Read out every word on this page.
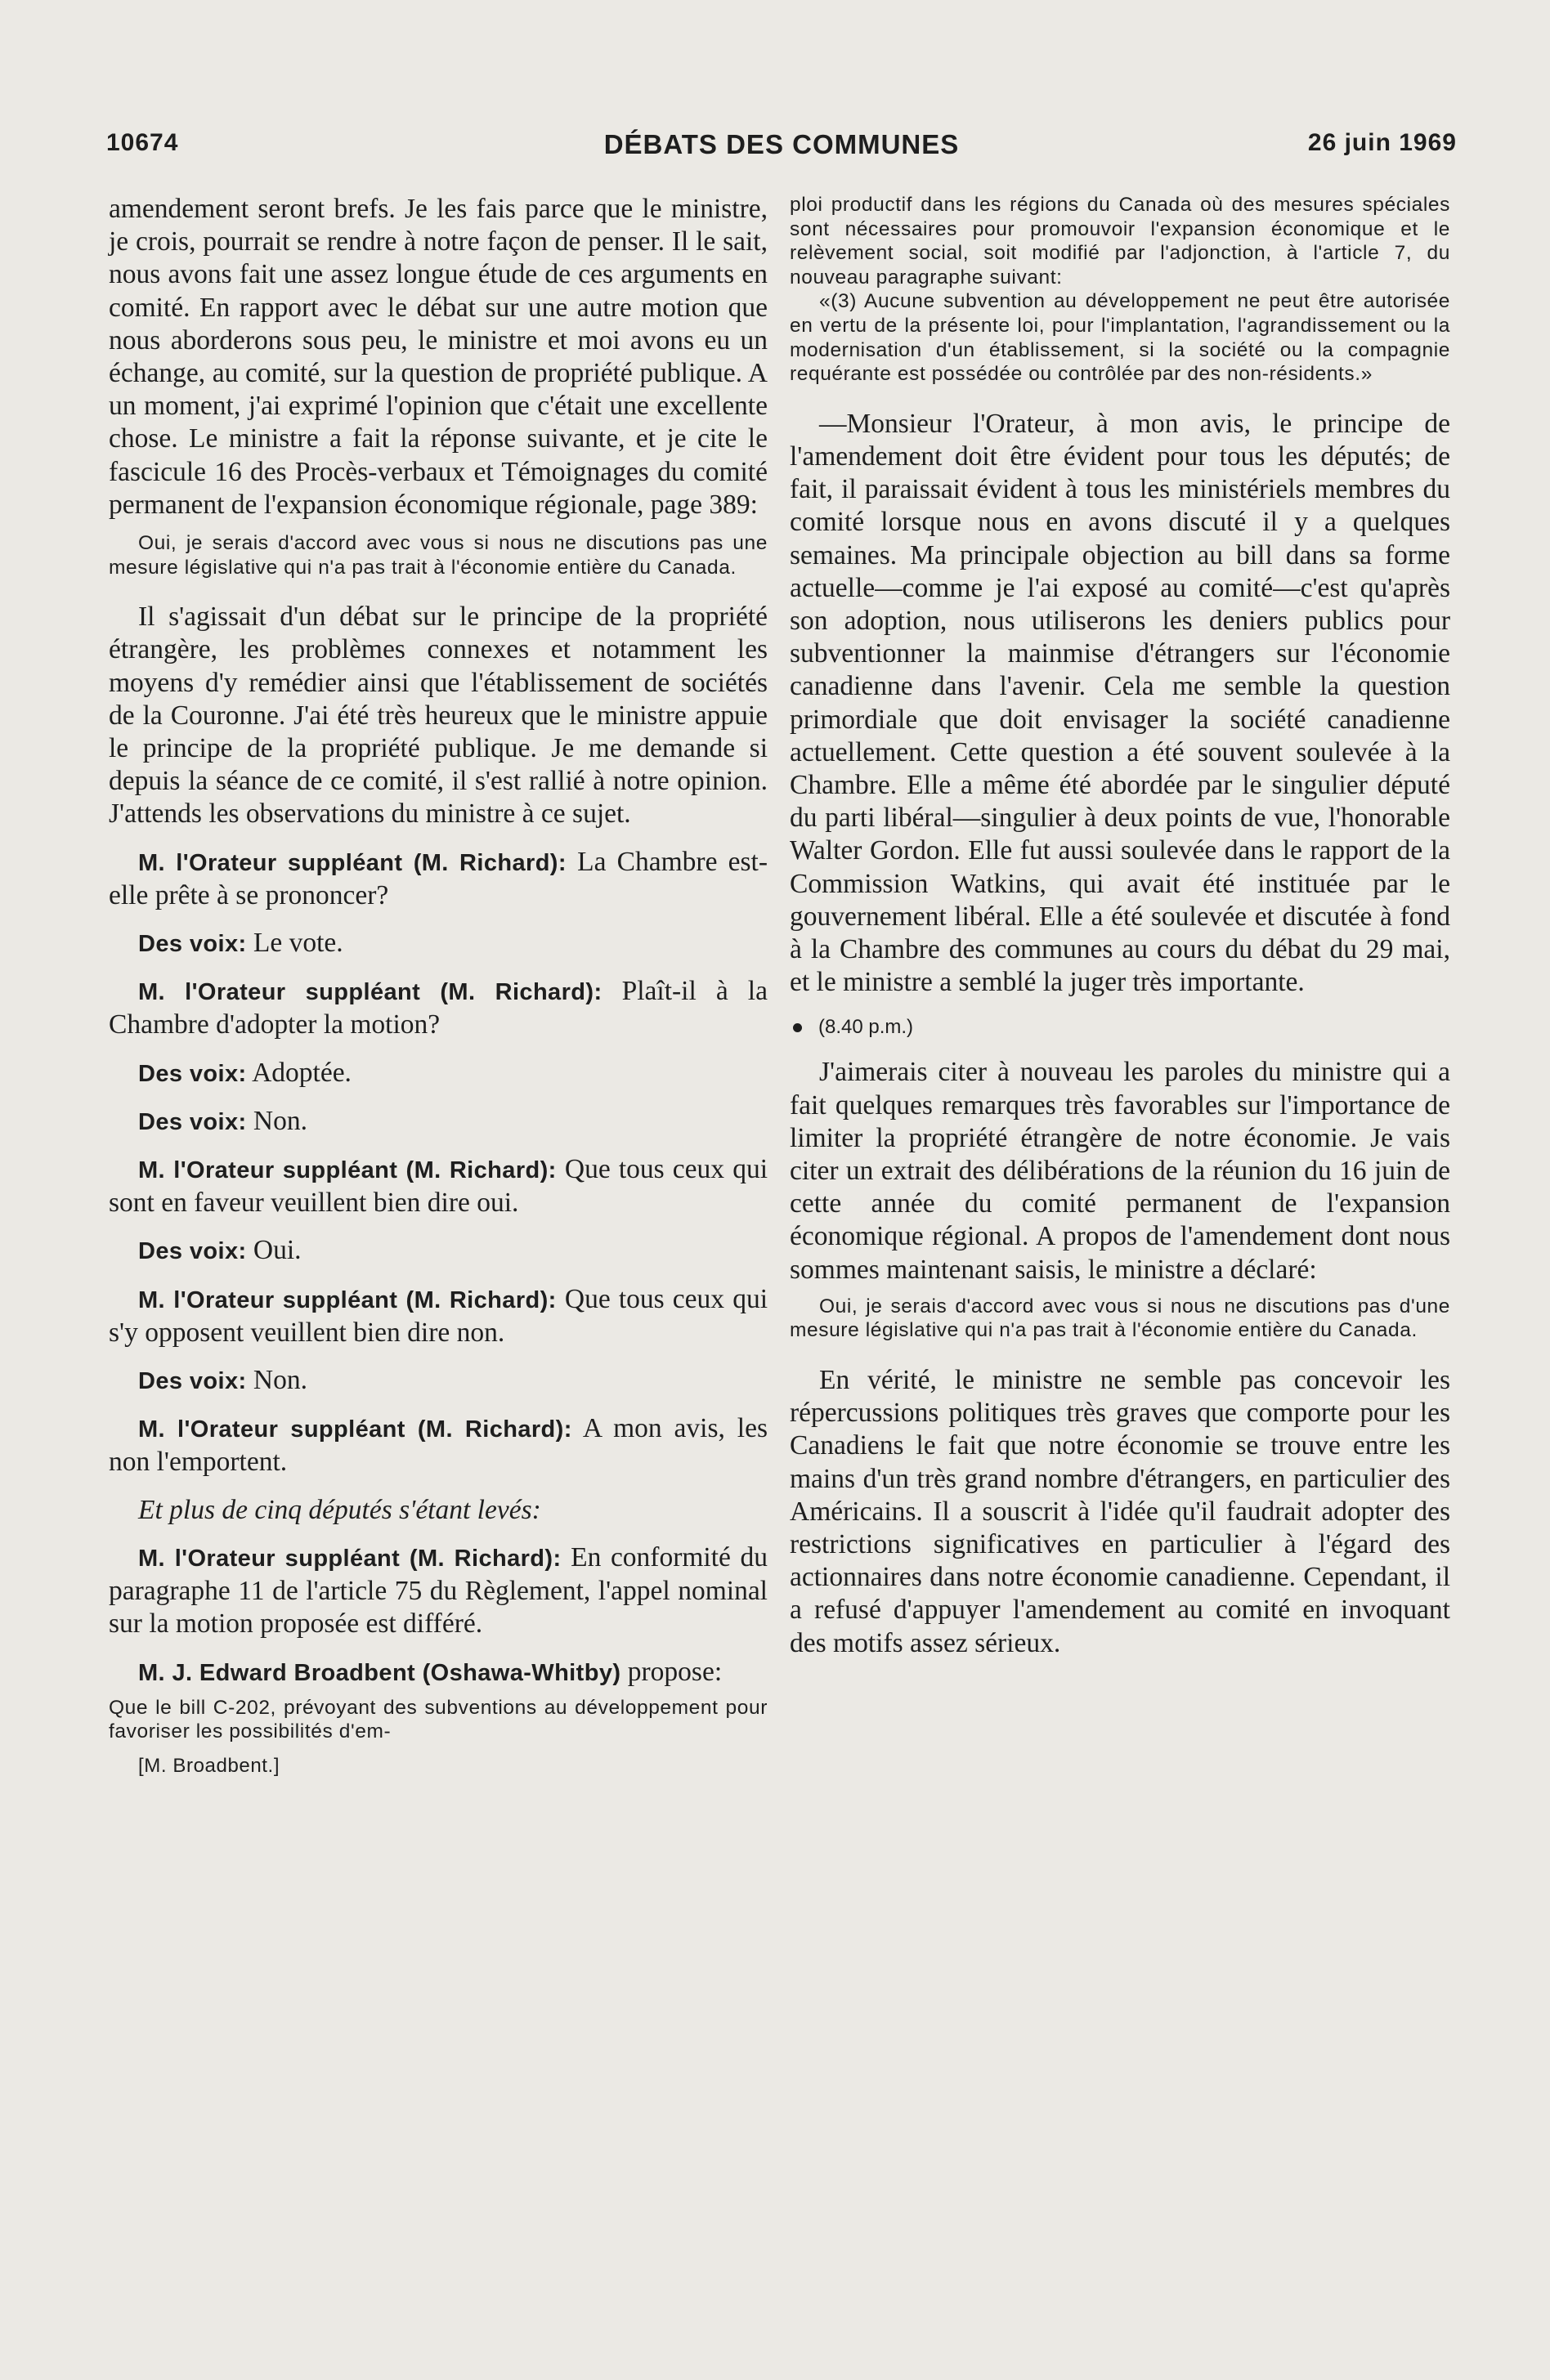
10674	DÉBATS DES COMMUNES	26 juin 1969

amendement seront brefs. Je les fais parce que le ministre, je crois, pourrait se rendre à notre façon de penser. Il le sait, nous avons fait une assez longue étude de ces arguments en comité. En rapport avec le débat sur une autre motion que nous aborderons sous peu, le ministre et moi avons eu un échange, au comité, sur la question de propriété publique. A un moment, j'ai exprimé l'opinion que c'était une excellente chose. Le ministre a fait la réponse suivante, et je cite le fascicule 16 des Procès-verbaux et Témoignages du comité permanent de l'expansion économique régionale, page 389:

Oui, je serais d'accord avec vous si nous ne discutions pas une mesure législative qui n'a pas trait à l'économie entière du Canada.

Il s'agissait d'un débat sur le principe de la propriété étrangère, les problèmes connexes et notamment les moyens d'y remédier ainsi que l'établissement de sociétés de la Couronne. J'ai été très heureux que le ministre appuie le principe de la propriété publique. Je me demande si depuis la séance de ce comité, il s'est rallié à notre opinion. J'attends les observations du ministre à ce sujet.

M. l'Orateur suppléant (M. Richard): La Chambre est-elle prête à se prononcer?

Des voix: Le vote.

M. l'Orateur suppléant (M. Richard): Plaît-il à la Chambre d'adopter la motion?

Des voix: Adoptée.

Des voix: Non.

M. l'Orateur suppléant (M. Richard): Que tous ceux qui sont en faveur veuillent bien dire oui.

Des voix: Oui.

M. l'Orateur suppléant (M. Richard): Que tous ceux qui s'y opposent veuillent bien dire non.

Des voix: Non.

M. l'Orateur suppléant (M. Richard): A mon avis, les non l'emportent.

Et plus de cinq députés s'étant levés:

M. l'Orateur suppléant (M. Richard): En conformité du paragraphe 11 de l'article 75 du Règlement, l'appel nominal sur la motion proposée est différé.

M. J. Edward Broadbent (Oshawa-Whitby) propose:

Que le bill C-202, prévoyant des subventions au développement pour favoriser les possibilités d'em-

[M. Broadbent.]

ploi productif dans les régions du Canada où des mesures spéciales sont nécessaires pour promouvoir l'expansion économique et le relèvement social, soit modifié par l'adjonction, à l'article 7, du nouveau paragraphe suivant:

«(3) Aucune subvention au développement ne peut être autorisée en vertu de la présente loi, pour l'implantation, l'agrandissement ou la modernisation d'un établissement, si la société ou la compagnie requérante est possédée ou contrôlée par des non-résidents.»

—Monsieur l'Orateur, à mon avis, le principe de l'amendement doit être évident pour tous les députés; de fait, il paraissait évident à tous les ministériels membres du comité lorsque nous en avons discuté il y a quelques semaines. Ma principale objection au bill dans sa forme actuelle—comme je l'ai exposé au comité—c'est qu'après son adoption, nous utiliserons les deniers publics pour subventionner la mainmise d'étrangers sur l'économie canadienne dans l'avenir. Cela me semble la question primordiale que doit envisager la société canadienne actuellement. Cette question a été souvent soulevée à la Chambre. Elle a même été abordée par le singulier député du parti libéral—singulier à deux points de vue, l'honorable Walter Gordon. Elle fut aussi soulevée dans le rapport de la Commission Watkins, qui avait été instituée par le gouvernement libéral. Elle a été soulevée et discutée à fond à la Chambre des communes au cours du débat du 29 mai, et le ministre a semblé la juger très importante.

(8.40 p.m.)

J'aimerais citer à nouveau les paroles du ministre qui a fait quelques remarques très favorables sur l'importance de limiter la propriété étrangère de notre économie. Je vais citer un extrait des délibérations de la réunion du 16 juin de cette année du comité permanent de l'expansion économique régional. A propos de l'amendement dont nous sommes maintenant saisis, le ministre a déclaré:

Oui, je serais d'accord avec vous si nous ne discutions pas d'une mesure législative qui n'a pas trait à l'économie entière du Canada.

En vérité, le ministre ne semble pas concevoir les répercussions politiques très graves que comporte pour les Canadiens le fait que notre économie se trouve entre les mains d'un très grand nombre d'étrangers, en particulier des Américains. Il a souscrit à l'idée qu'il faudrait adopter des restrictions significatives en particulier à l'égard des actionnaires dans notre économie canadienne. Cependant, il a refusé d'appuyer l'amendement au comité en invoquant des motifs assez sérieux.
